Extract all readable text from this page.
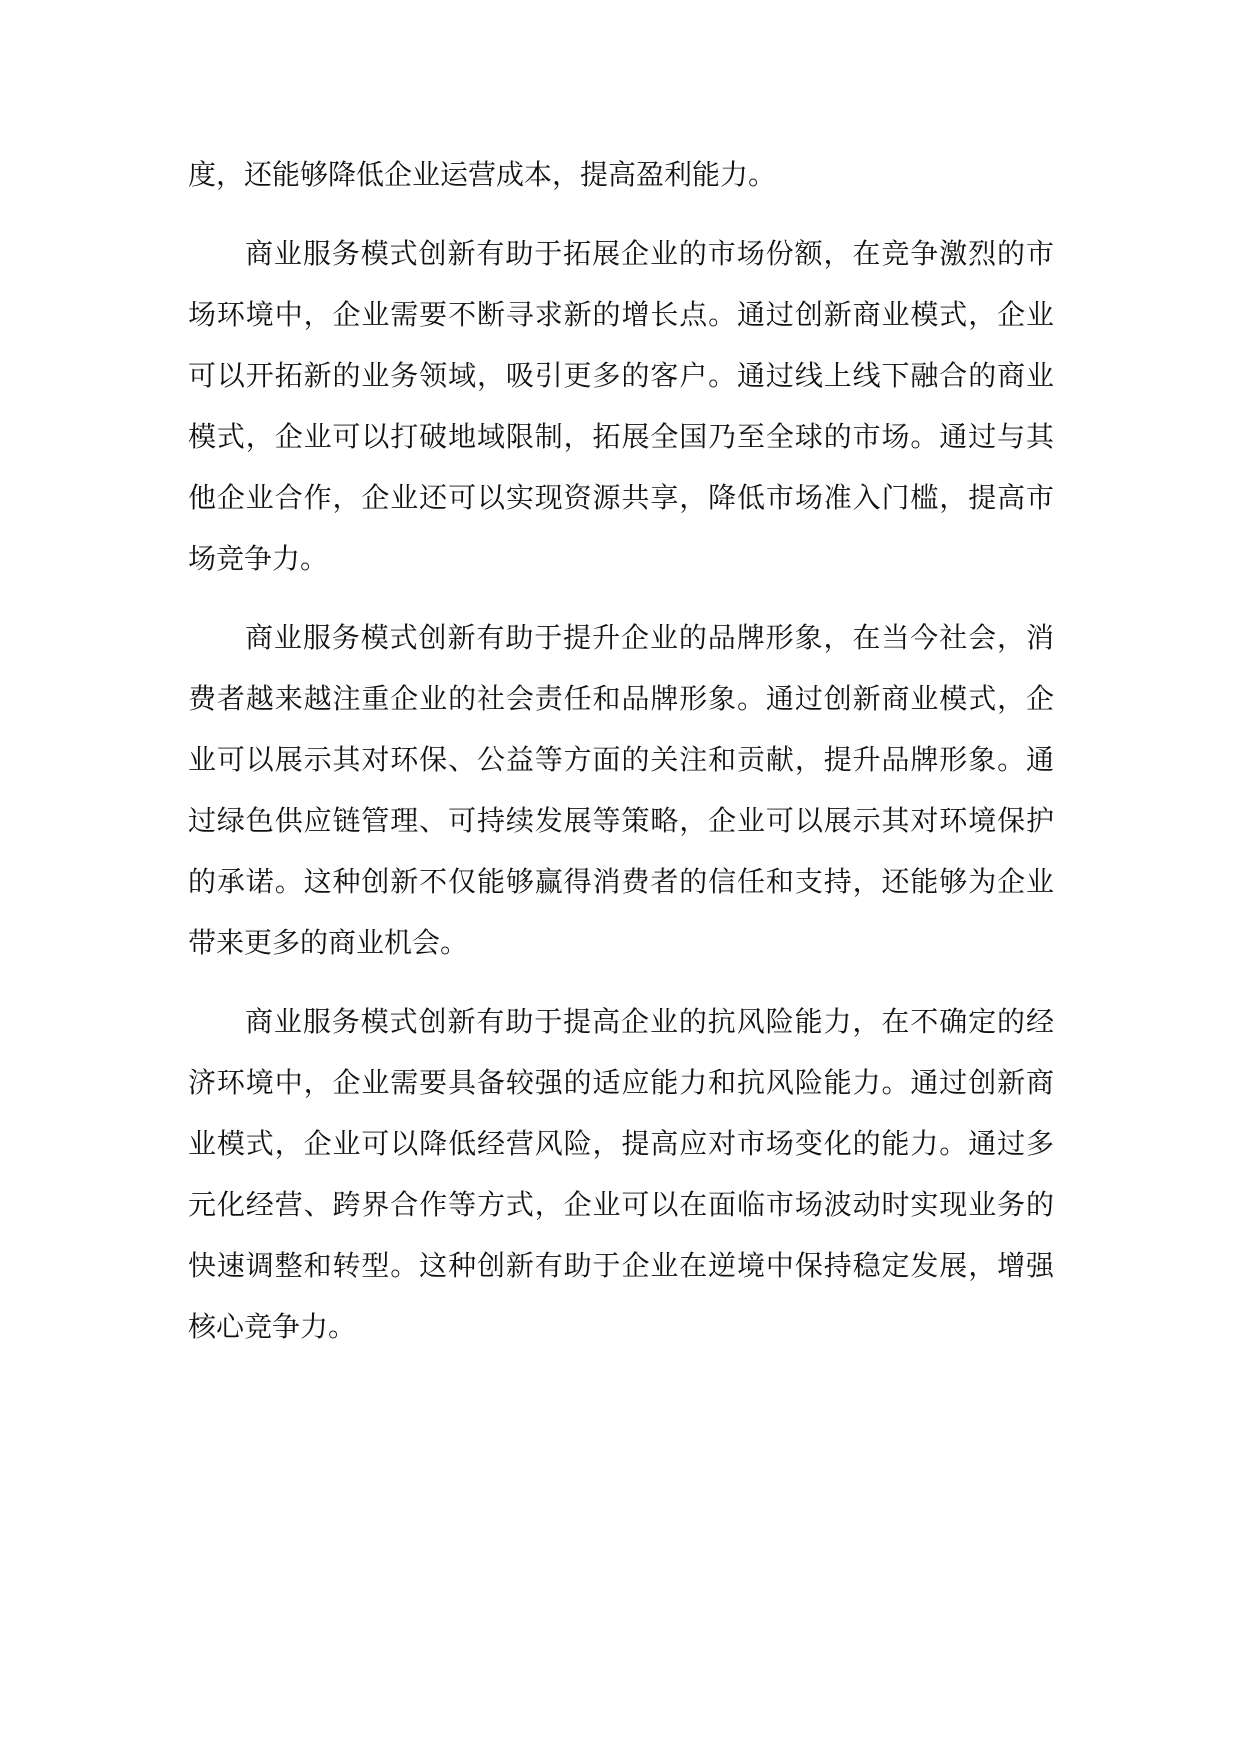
度，还能够降低企业运营成本，提高盈利能力。

商业服务模式创新有助于拓展企业的市场份额，在竞争激烈的市场环境中，企业需要不断寻求新的增长点。通过创新商业模式，企业可以开拓新的业务领域，吸引更多的客户。通过线上线下融合的商业模式，企业可以打破地域限制，拓展全国乃至全球的市场。通过与其他企业合作，企业还可以实现资源共享，降低市场准入门槛，提高市场竞争力。

商业服务模式创新有助于提升企业的品牌形象，在当今社会，消费者越来越注重企业的社会责任和品牌形象。通过创新商业模式，企业可以展示其对环保、公益等方面的关注和贡献，提升品牌形象。通过绿色供应链管理、可持续发展等策略，企业可以展示其对环境保护的承诺。这种创新不仅能够赢得消费者的信任和支持，还能够为企业带来更多的商业机会。

商业服务模式创新有助于提高企业的抗风险能力，在不确定的经济环境中，企业需要具备较强的适应能力和抗风险能力。通过创新商业模式，企业可以降低经营风险，提高应对市场变化的能力。通过多元化经营、跨界合作等方式，企业可以在面临市场波动时实现业务的快速调整和转型。这种创新有助于企业在逆境中保持稳定发展，增强核心竞争力。
